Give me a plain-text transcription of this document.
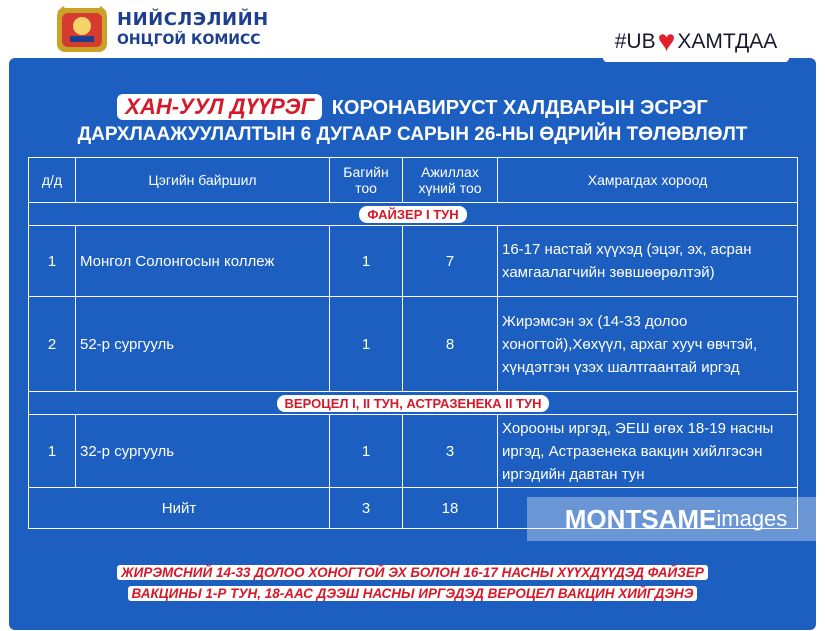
НИЙСЛЭЛИЙН
ОНЦГОЙ КОМИСС	#UB ♥ ХАМТДАА
ХАН-УУЛ ДҮҮРЭГ КОРОНАВИРУСТ ХАЛДВАРЫН ЭСРЭГ
ДАРХЛААЖУУЛАЛТЫН 6 ДУГААР САРЫН 26-НЫ ӨДРИЙН ТӨЛӨВЛӨЛТ
д/д	Цэгийн байршил	Багийн тоо	Ажиллах хүний тоо	Хамрагдах хороод
ФАЙЗЕР I ТУН				
1	Монгол Солонгосын коллеж	1	7	16-17 настай хүүхэд (эцэг, эх, асран хамгаалагчийн зөвшөөрөлтэй)
2	52-р сургууль	1	8	Жирэмсэн эх (14-33 долоо хоногтой),Хөхүүл, архаг хууч өвчтэй, хүндэтгэн үзэх шалтгаантай иргэд
ВЕРОЦЕЛ I, II ТУН, АСТРАЗЕНЕКА II ТУН				
1	32-р сургууль	1	3	Хорооны иргэд, ЭЕШ өгөх 18-19 насны иргэд, Астразенека вакцин хийлгэсэн иргэдийн давтан тун
Нийт		3	18		MONTSAME images
ЖИРЭМСНИЙ 14-33 ДОЛОО ХОНОГТОЙ ЭХ БОЛОН 16-17 НАСНЫ ХҮҮХДҮҮДЭД ФАЙЗЕР
ВАКЦИНЫ 1-Р ТУН, 18-ААС ДЭЭШ НАСНЫ ИРГЭДЭД ВЕРОЦЕЛ ВАКЦИН ХИЙГДЭНЭ
